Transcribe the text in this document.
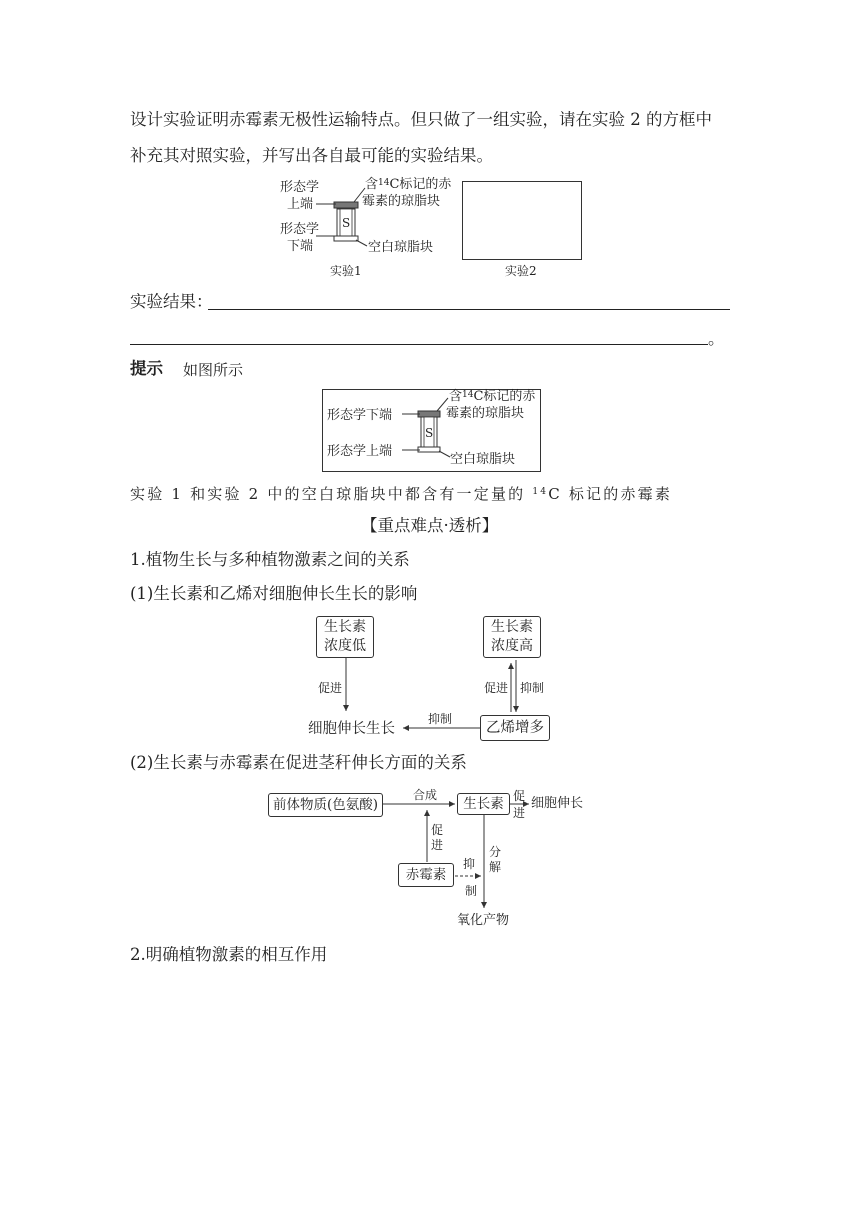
设计实验证明赤霉素无极性运输特点。但只做了一组实验，请在实验 2 的方框中
补充其对照实验，并写出各自最可能的实验结果。
形态学
上端
形态学
下端
含$^{14}$C标记的赤
霉素的琼脂块
S
空白琼脂块
实验1	实验2
实验结果：
。
提示 如图所示
形态学下端
形态学上端
含$^{14}$C标记的赤
霉素的琼脂块
S
空白琼脂块
实验 1 和实验 2 中的空白琼脂块中都含有一定量的 $^{14}$C 标记的赤霉素
【重点难点·透析】
1.植物生长与多种植物激素之间的关系
(1)生长素和乙烯对细胞伸长生长的影响
生长素
浓度低
生长素
浓度高
促进	促进 抑制
抑制
细胞伸长生长	乙烯增多
(2)生长素与赤霉素在促进茎秆伸长方面的关系
前体物质(色氨酸)
合成
生长素 促
进
细胞伸长
促
进	分
解
赤霉素
抑
制
氧化产物
2.明确植物激素的相互作用
